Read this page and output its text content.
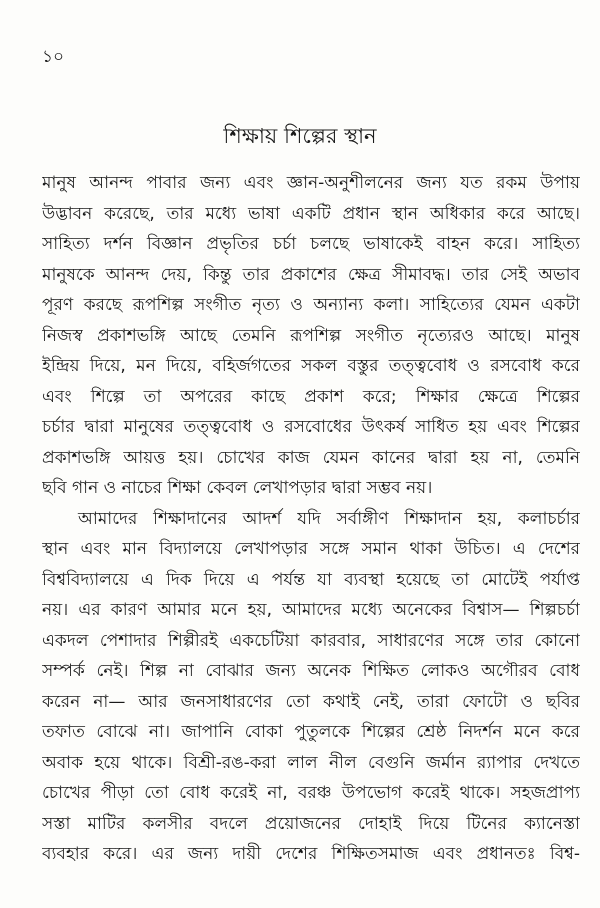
১০
শিক্ষায় শিল্পের স্থান
মানুষ আনন্দ পাবার জন্য এবং জ্ঞান-অনুশীলনের জন্য যত রকম উপায়
উদ্ভাবন করেছে, তার মধ্যে ভাষা একটি প্রধান স্থান অধিকার করে আছে।
সাহিত্য দর্শন বিজ্ঞান প্রভৃতির চর্চা চলছে ভাষাকেই বাহন করে। সাহিত্য
মানুষকে আনন্দ দেয়, কিন্তু তার প্রকাশের ক্ষেত্র সীমাবদ্ধ। তার সেই অভাব
পূরণ করছে রূপশিল্প সংগীত নৃত্য ও অন্যান্য কলা। সাহিত্যের যেমন একটা
নিজস্ব প্রকাশভঙ্গি আছে তেমনি রূপশিল্প সংগীত নৃত্যেরও আছে। মানুষ
ইন্দ্রিয় দিয়ে, মন দিয়ে, বহির্জগতের সকল বস্তুর তত্ত্ববোধ ও রসবোধ করে
এবং শিল্পে তা অপরের কাছে প্রকাশ করে; শিক্ষার ক্ষেত্রে শিল্পের
চর্চার দ্বারা মানুষের তত্ত্ববোধ ও রসবোধের উৎকর্ষ সাধিত হয় এবং শিল্পের
প্রকাশভঙ্গি আয়ত্ত হয়। চোখের কাজ যেমন কানের দ্বারা হয় না, তেমনি
ছবি গান ও নাচের শিক্ষা কেবল লেখাপড়ার দ্বারা সম্ভব নয়।
আমাদের শিক্ষাদানের আদর্শ যদি সর্বাঙ্গীণ শিক্ষাদান হয়, কলাচর্চার
স্থান এবং মান বিদ্যালয়ে লেখাপড়ার সঙ্গে সমান থাকা উচিত। এ দেশের
বিশ্ববিদ্যালয়ে এ দিক দিয়ে এ পর্যন্ত যা ব্যবস্থা হয়েছে তা মোটেই পর্যাপ্ত
নয়। এর কারণ আমার মনে হয়, আমাদের মধ্যে অনেকের বিশ্বাস— শিল্পচর্চা
একদল পেশাদার শিল্পীরই একচেটিয়া কারবার, সাধারণের সঙ্গে তার কোনো
সম্পর্ক নেই। শিল্প না বোঝার জন্য অনেক শিক্ষিত লোকও অগৌরব বোধ
করেন না— আর জনসাধারণের তো কথাই নেই, তারা ফোটো ও ছবির
তফাত বোঝে না। জাপানি বোকা পুতুলকে শিল্পের শ্রেষ্ঠ নিদর্শন মনে করে
অবাক হয়ে থাকে। বিশ্রী-রঙ-করা লাল নীল বেগুনি জর্মান র‍্যাপার দেখতে
চোখের পীড়া তো বোধ করেই না, বরঞ্চ উপভোগ করেই থাকে। সহজপ্রাপ্য
সস্তা মাটির কলসীর বদলে প্রয়োজনের দোহাই দিয়ে টিনের ক্যানেস্তা
ব্যবহার করে। এর জন্য দায়ী দেশের শিক্ষিতসমাজ এবং প্রধানতঃ বিশ্ব-
